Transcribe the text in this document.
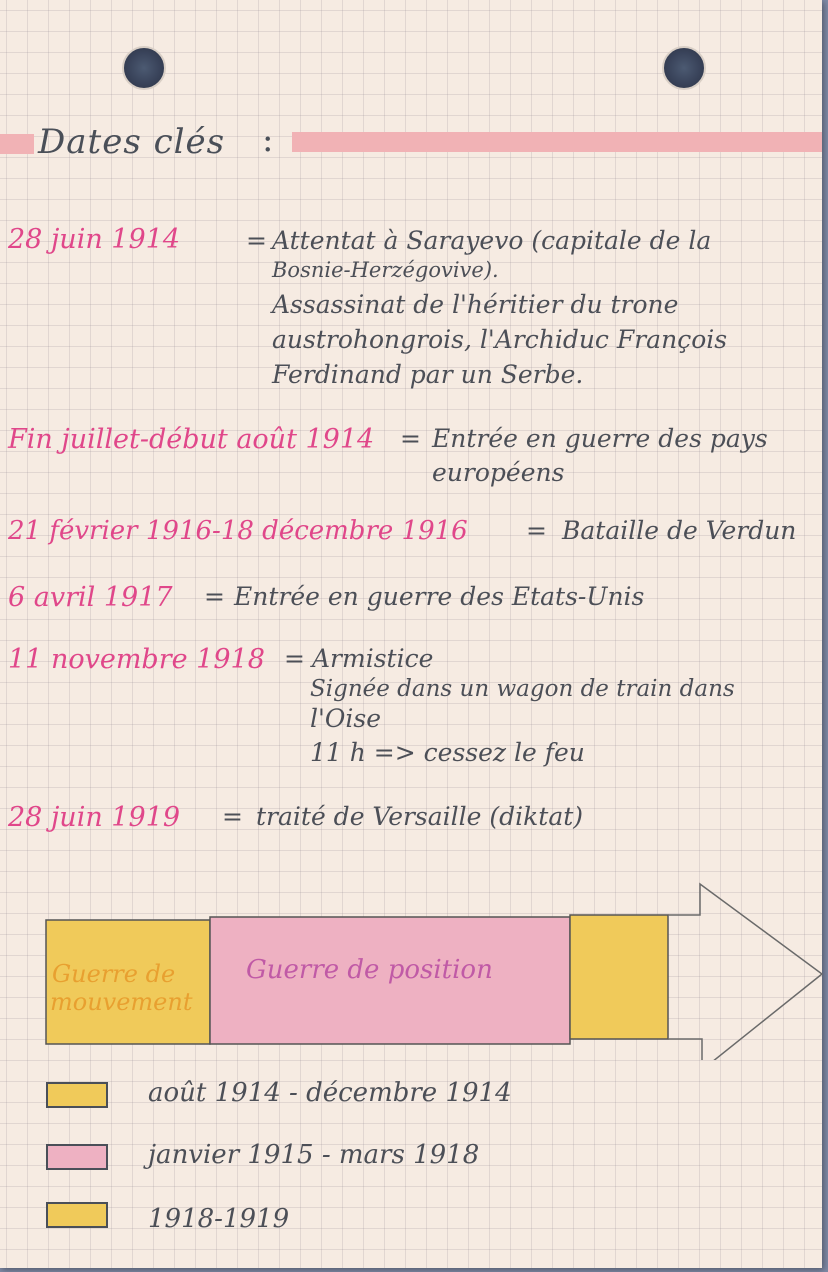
Dates clés :
28 juin 1914	= Attentat à Sarayevo (capitale de la
Bosnie-Herzégovive).
Assassinat de l'héritier du trone
austrohongrois, l'Archiduc François
Ferdinand par un Serbe.
Fin juillet-début août 1914 = Entrée en guerre des pays
européens
21 février 1916-18 décembre 1916 = Bataille de Verdun
6 avril 1917 = Entrée en guerre des Etats-Unis
11 novembre 1918 = Armistice
Signée dans un wagon de train dans
l'Oise
11 h => cessez le feu
28 juin 1919 = traité de Versaille (diktat)
Guerre de
mouvement
Guerre de position
août 1914 - décembre 1914
janvier 1915 - mars 1918
1918-1919
